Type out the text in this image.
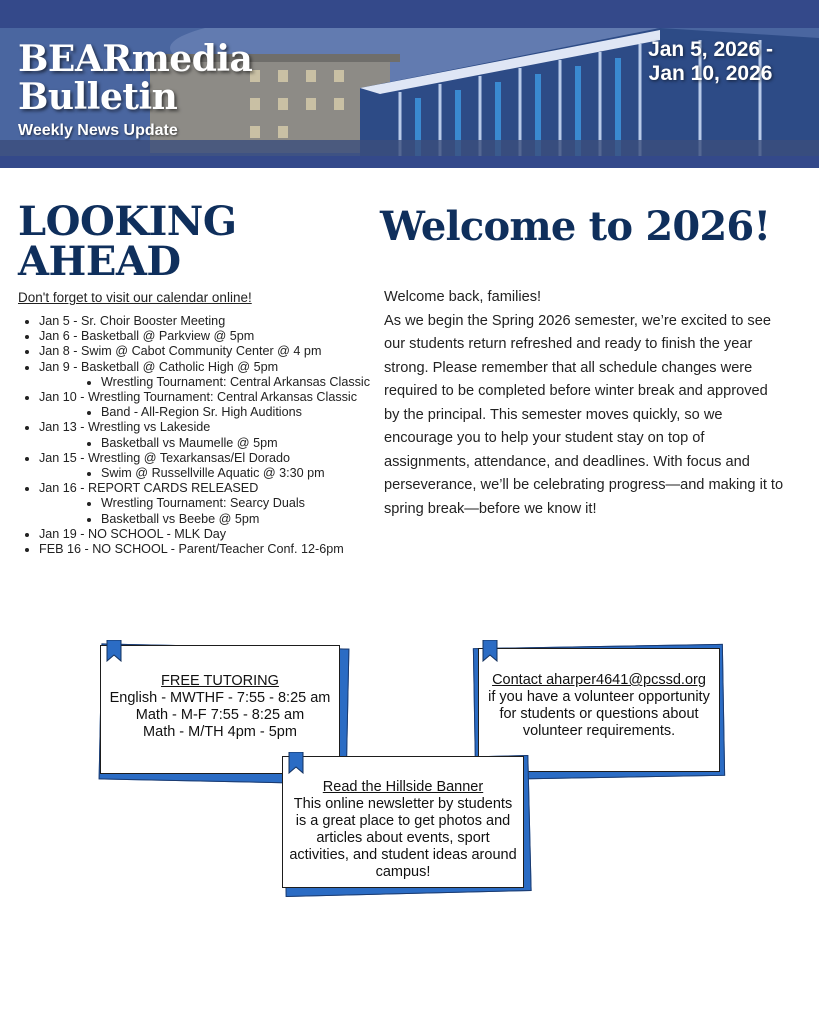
BEARmedia
Bulletin
Weekly News Update
Jan 5, 2026 -
Jan 10, 2026
LOOKING
AHEAD
Don't forget to visit our calendar online!
• Jan 5 - Sr. Choir Booster Meeting
• Jan 6 - Basketball @ Parkview @ 5pm
• Jan 8 - Swim @ Cabot Community Center @ 4 pm
• Jan 9 - Basketball @ Catholic High @ 5pm
• Wrestling Tournament: Central Arkansas Classic
• Jan 10 - Wrestling Tournament: Central Arkansas Classic
• Band - All-Region Sr. High Auditions
• Jan 13 - Wrestling vs Lakeside
• Basketball vs Maumelle @ 5pm
• Jan 15 - Wrestling @ Texarkansas/El Dorado
• Swim @ Russellville Aquatic @ 3:30 pm
• Jan 16 - REPORT CARDS RELEASED
• Wrestling Tournament: Searcy Duals
• Basketball vs Beebe @ 5pm
• Jan 19 - NO SCHOOL - MLK Day
• FEB 16 - NO SCHOOL - Parent/Teacher Conf. 12-6pm
Welcome to 2026!

Welcome back, families!

As we begin the Spring 2026 semester, we’re excited to see our students return refreshed and ready to finish the year strong. Please remember that all schedule changes were required to be completed before winter break and approved by the principal. This semester moves quickly, so we encourage you to help your student stay on top of assignments, attendance, and deadlines. With focus and perseverance, we’ll be celebrating progress—and making it to spring break—before we know it!

FREE TUTORING
English - MWTHF - 7:55 - 8:25 am
Math - M-F 7:55 - 8:25 am
Math - M/TH 4pm - 5pm
Contact aharper4641@pcssd.org
if you have a volunteer opportunity for students or questions about volunteer requirements.
Read the Hillside Banner
This online newsletter by students is a great place to get photos and articles about events, sport activities, and student ideas around campus!
